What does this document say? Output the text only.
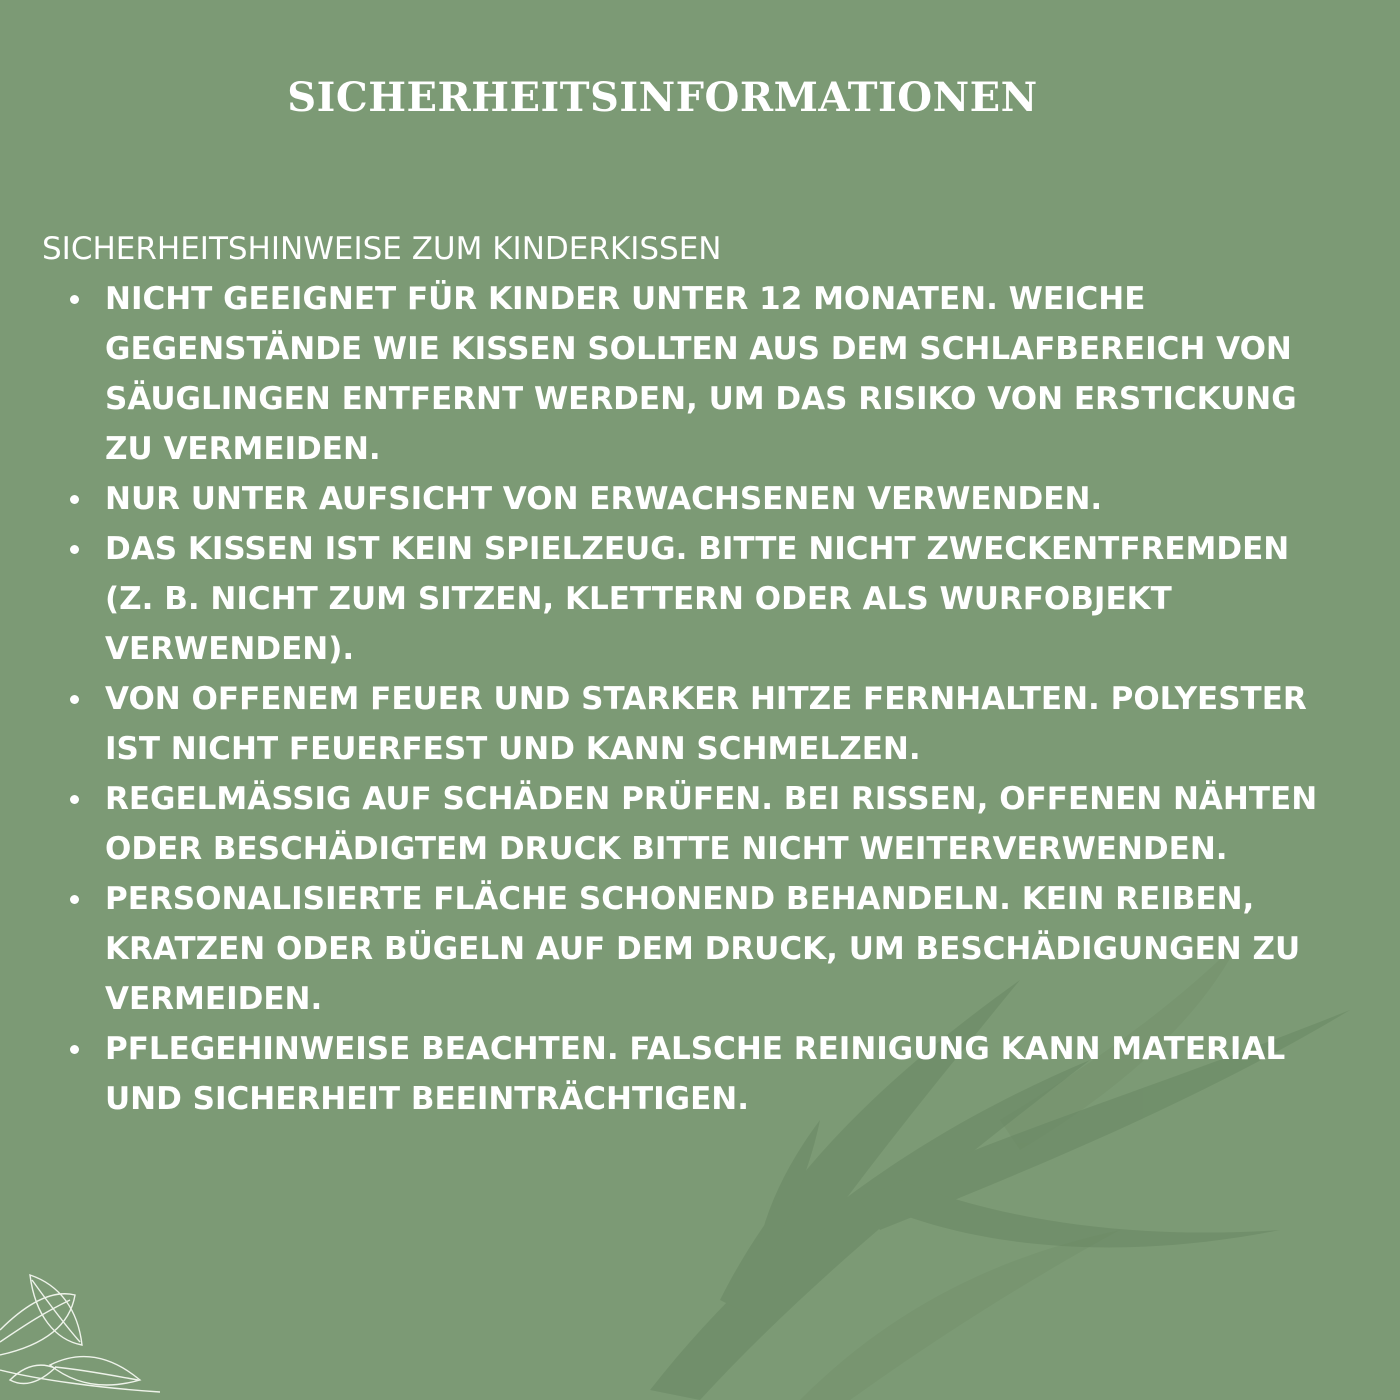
SICHERHEITSINFORMATIONEN
SICHERHEITSHINWEISE ZUM KINDERKISSEN
NICHT GEEIGNET FÜR KINDER UNTER 12 MONATEN. WEICHE GEGENSTÄNDE WIE KISSEN SOLLTEN AUS DEM SCHLAFBEREICH VON SÄUGLINGEN ENTFERNT WERDEN, UM DAS RISIKO VON ERSTICKUNG ZU VERMEIDEN.
NUR UNTER AUFSICHT VON ERWACHSENEN VERWENDEN.
DAS KISSEN IST KEIN SPIELZEUG. BITTE NICHT ZWECKENTFREMDEN (Z. B. NICHT ZUM SITZEN, KLETTERN ODER ALS WURFOBJEKT VERWENDEN).
VON OFFENEM FEUER UND STARKER HITZE FERNHALTEN. POLYESTER IST NICHT FEUERFEST UND KANN SCHMELZEN.
REGELMÄSSIG AUF SCHÄDEN PRÜFEN. BEI RISSEN, OFFENEN NÄHTEN ODER BESCHÄDIGTEM DRUCK BITTE NICHT WEITERVERWENDEN.
PERSONALISIERTE FLÄCHE SCHONEND BEHANDELN. KEIN REIBEN, KRATZEN ODER BÜGELN AUF DEM DRUCK, UM BESCHÄDIGUNGEN ZU VERMEIDEN.
PFLEGEHINWEISE BEACHTEN. FALSCHE REINIGUNG KANN MATERIAL UND SICHERHEIT BEEINTRÄCHTIGEN.
